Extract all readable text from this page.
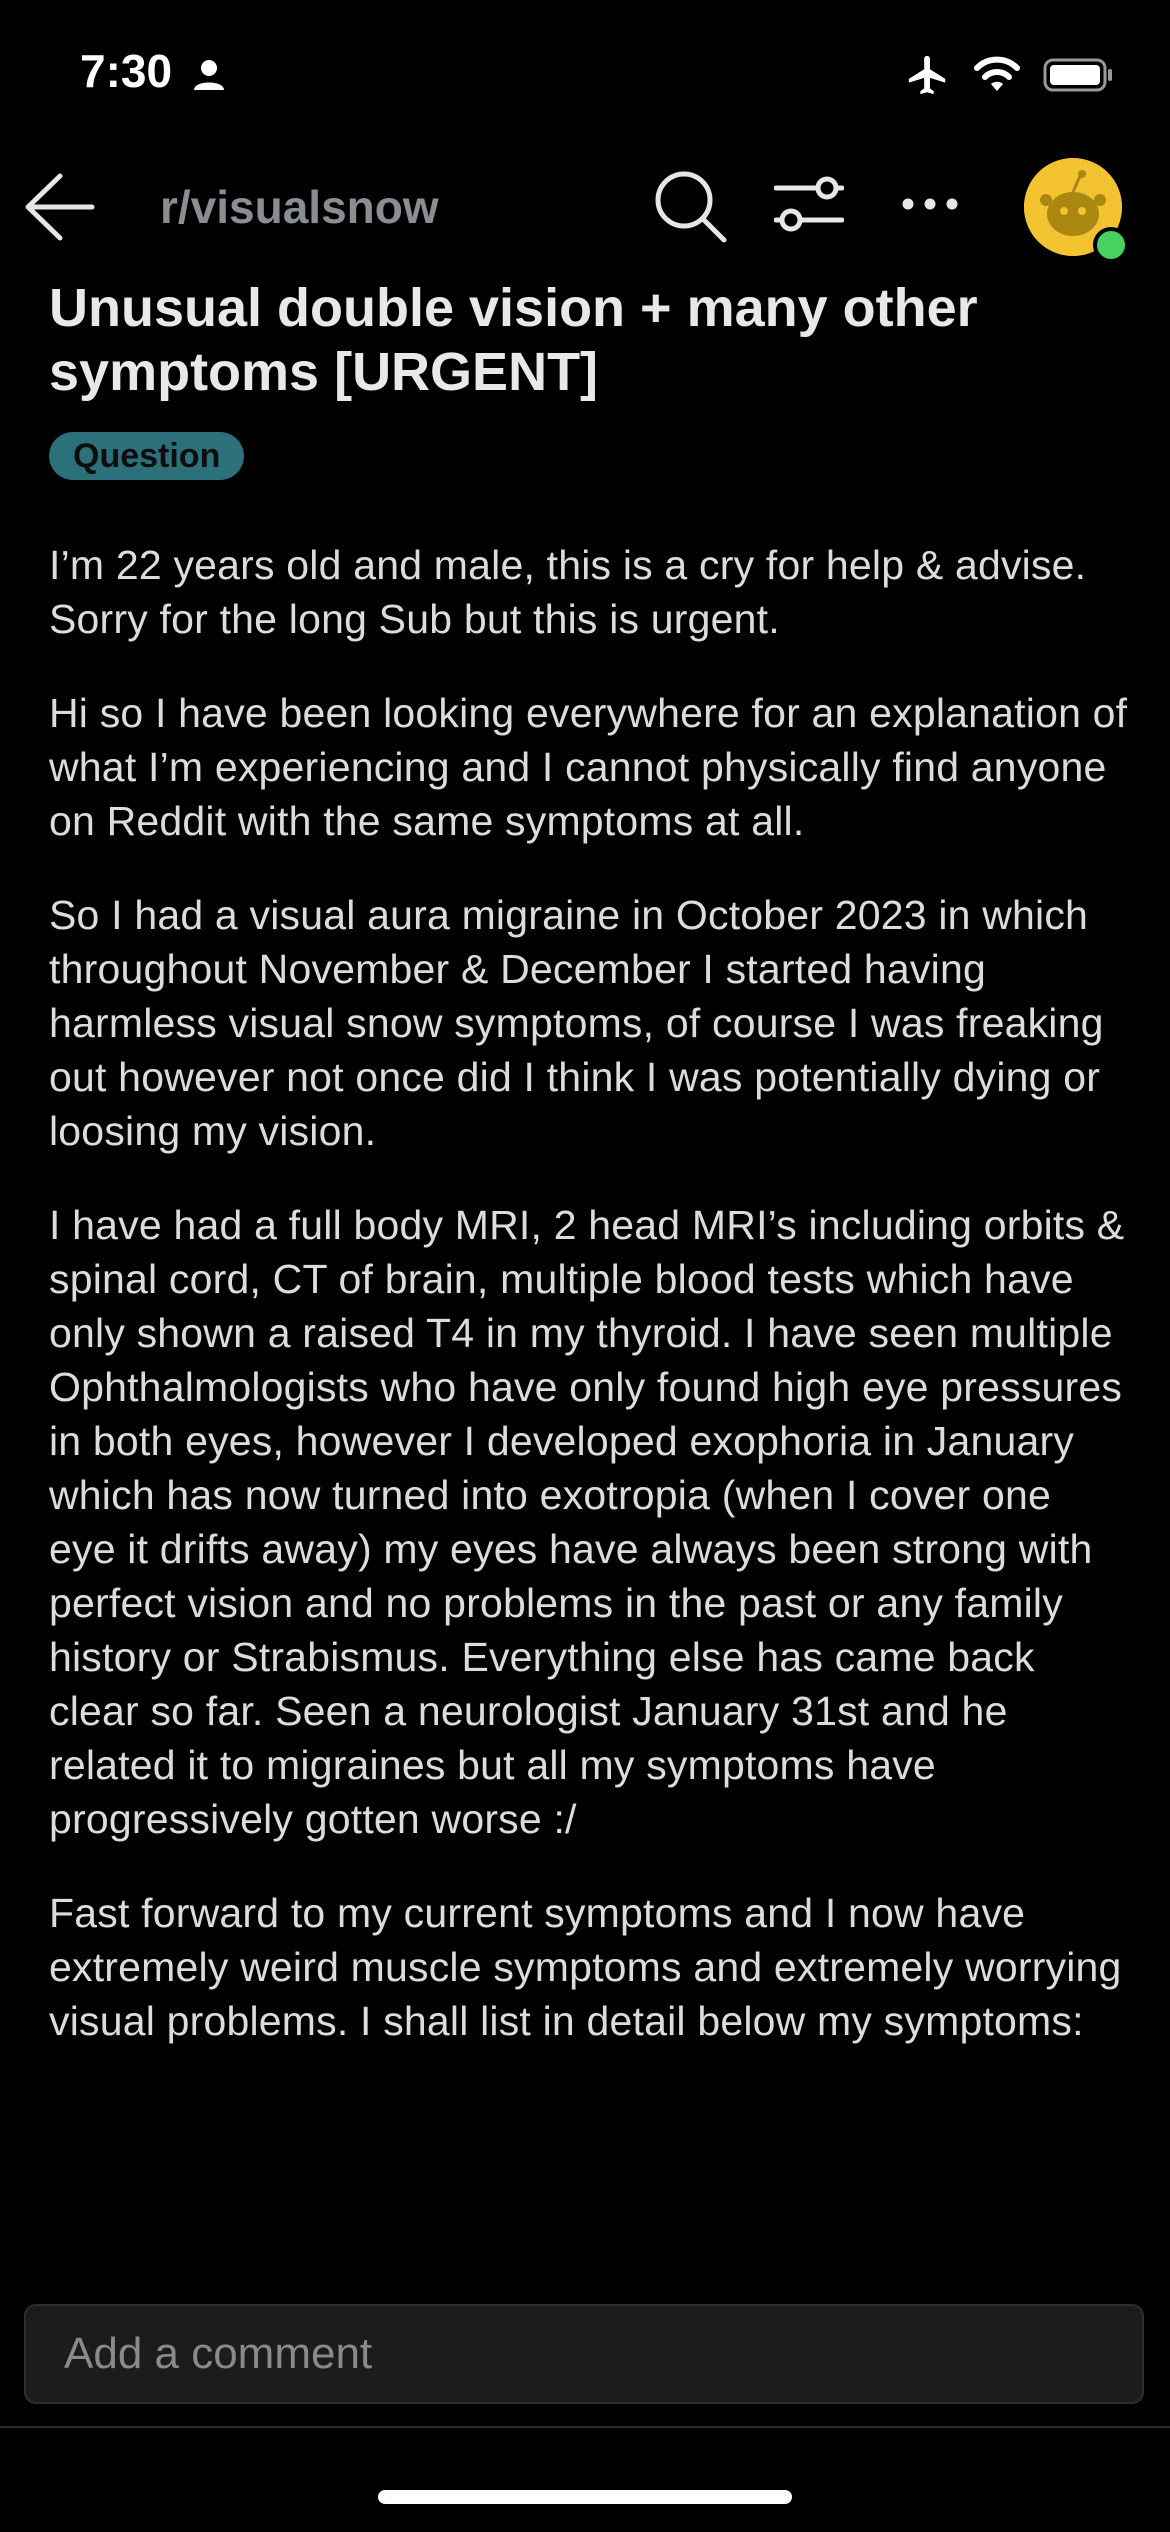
7:30
r/visualsnow
Unusual double vision + many other symptoms [URGENT]
Question

I’m 22 years old and male, this is a cry for help & advise. Sorry for the long Sub but this is urgent.

Hi so I have been looking everywhere for an explanation of what I’m experiencing and I cannot physically find anyone on Reddit with the same symptoms at all.

So I had a visual aura migraine in October 2023 in which throughout November & December I started having harmless visual snow symptoms, of course I was freaking out however not once did I think I was potentially dying or loosing my vision.

I have had a full body MRI, 2 head MRI’s including orbits & spinal cord, CT of brain, multiple blood tests which have only shown a raised T4 in my thyroid. I have seen multiple Ophthalmologists who have only found high eye pressures in both eyes, however I developed exophoria in January which has now turned into exotropia (when I cover one eye it drifts away) my eyes have always been strong with perfect vision and no problems in the past or any family history or Strabismus. Everything else has came back clear so far. Seen a neurologist January 31st and he related it to migraines but all my symptoms have progressively gotten worse :/

Fast forward to my current symptoms and I now have extremely weird muscle symptoms and extremely worrying visual problems. I shall list in detail below my symptoms:

Add a comment
